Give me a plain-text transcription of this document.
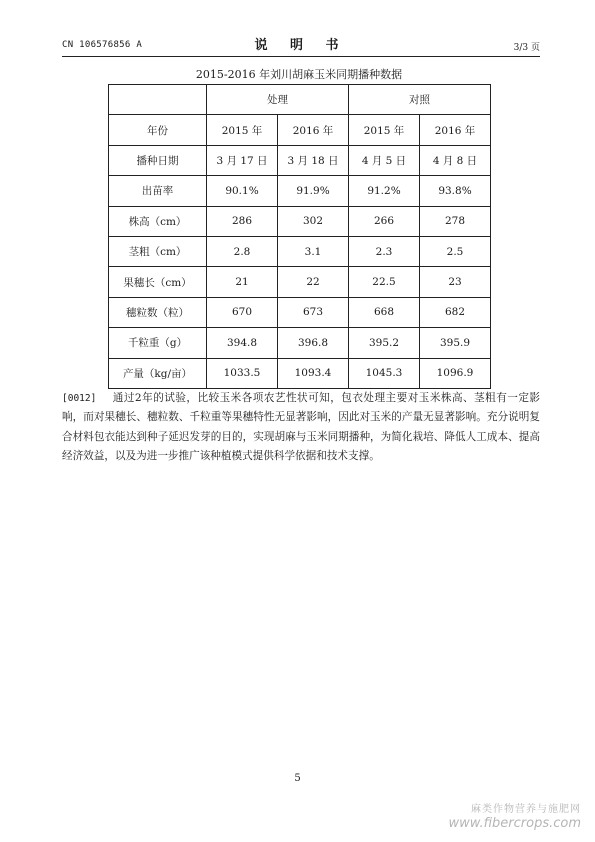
CN 106576856 A	说 明 书	3/3 页
2015-2016 年刘川胡麻玉米同期播种数据
	处理		对照	
年份	2015 年	2016 年	2015 年	2016 年
播种日期	3 月 17 日	3 月 18 日	4 月 5 日	4 月 8 日
出苗率	90.1%	91.9%	91.2%	93.8%
株高（cm）	286	302	266	278
茎粗（cm）	2.8	3.1	2.3	2.5
果穗长（cm）	21	22	22.5	23
穗粒数（粒）	670	673	668	682
千粒重（g）	394.8	396.8	395.2	395.9
产量（kg/亩）	1033.5	1093.4	1045.3	1096.9
[0012] 通过2年的试验，比较玉米各项农艺性状可知，包衣处理主要对玉米株高、茎粗有一定影响，而对果穗长、穗粒数、千粒重等果穗特性无显著影响，因此对玉米的产量无显著影响。充分说明复合材料包衣能达到种子延迟发芽的目的，实现胡麻与玉米同期播种，为简化栽培、降低人工成本、提高经济效益，以及为进一步推广该种植模式提供科学依据和技术支撑。
5
麻类作物营养与施肥网
www.fibercrops.com
